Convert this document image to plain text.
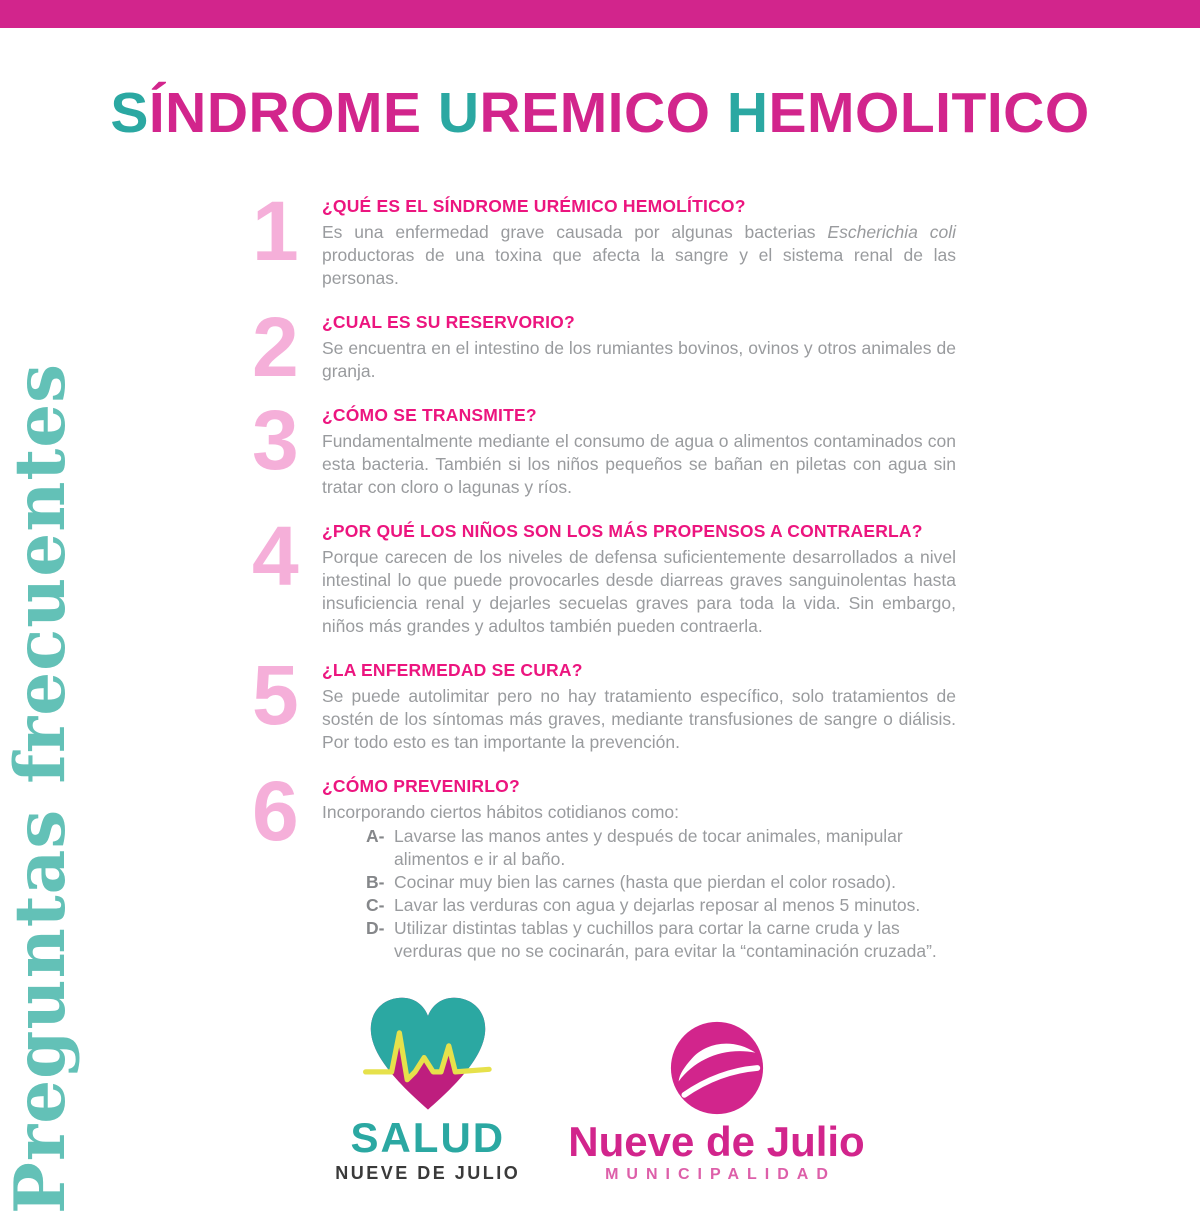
SÍNDROME UREMICO HEMOLITICO
Preguntas frecuentes
1	¿QUÉ ES EL SÍNDROME URÉMICO HEMOLÍTICO?

Es una enfermedad grave causada por algunas bacterias Escherichia coli productoras de una toxina que afecta la sangre y el sistema renal de las personas.

2	¿CUAL ES SU RESERVORIO?

Se encuentra en el intestino de los rumiantes bovinos, ovinos y otros animales de granja.

3	¿CÓMO SE TRANSMITE?

Fundamentalmente mediante el consumo de agua o alimentos contaminados con esta bacteria. También si los niños pequeños se bañan en piletas con agua sin tratar con cloro o lagunas y ríos.

4	¿POR QUÉ LOS NIÑOS SON LOS MÁS PROPENSOS A CONTRAERLA?

Porque carecen de los niveles de defensa suficientemente desarrollados a nivel intestinal lo que puede provocarles desde diarreas graves sanguinolentas hasta insuficiencia renal y dejarles secuelas graves para toda la vida. Sin embargo, niños más grandes y adultos también pueden contraerla.

5	¿LA ENFERMEDAD SE CURA?

Se puede autolimitar pero no hay tratamiento específico, solo tratamientos de sostén de los síntomas más graves, mediante transfusiones de sangre o diálisis. Por todo esto es tan importante la prevención.

6	¿CÓMO PREVENIRLO?

Incorporando ciertos hábitos cotidianos como:

A- Lavarse las manos antes y después de tocar animales, manipular alimentos e ir al baño.
B- Cocinar muy bien las carnes (hasta que pierdan el color rosado).
C- Lavar las verduras con agua y dejarlas reposar al menos 5 minutos.
D- Utilizar distintas tablas y cuchillos para cortar la carne cruda y las verduras que no se cocinarán, para evitar la “contaminación cruzada”.
SALUD
NUEVE DE JULIO
Nueve de Julio
MUNICIPALIDAD
